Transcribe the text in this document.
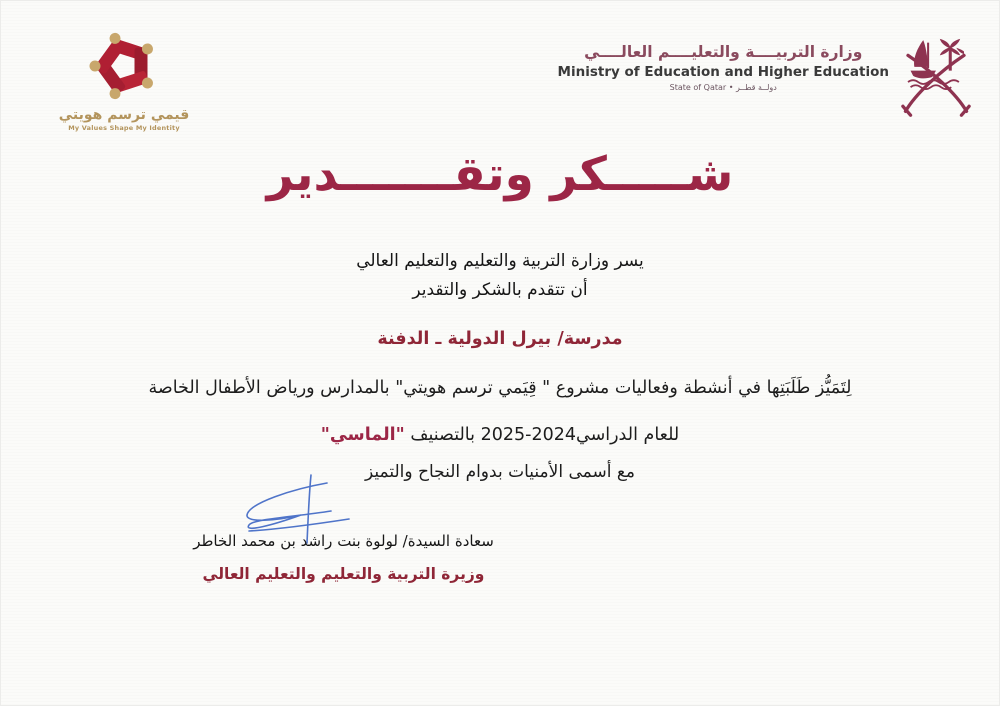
قيمي ترسم هويتي
My Values Shape My Identity
وزارة التربيــــة والتعليــــم العالــــي
Ministry of Education and Higher Education
State of Qatar • دولــة قطــر
شـــــكر وتقـــــــدير
يسر وزارة التربية والتعليم والتعليم العالي
أن تتقدم بالشكر والتقدير
مدرسة/ بيرل الدولية ـ الدفنة
لِتَمَيُّز طَلَبَتِها في أنشطة وفعاليات مشروع " قِيَمي ترسم هويتي" بالمدارس ورياض الأطفال الخاصة
للعام الدراسي2024-2025 بالتصنيف "الماسي"
مع أسمى الأمنيات بدوام النجاح والتميز
سعادة السيدة/ لولوة بنت راشد بن محمد الخاطر
وزيرة التربية والتعليم والتعليم العالي
